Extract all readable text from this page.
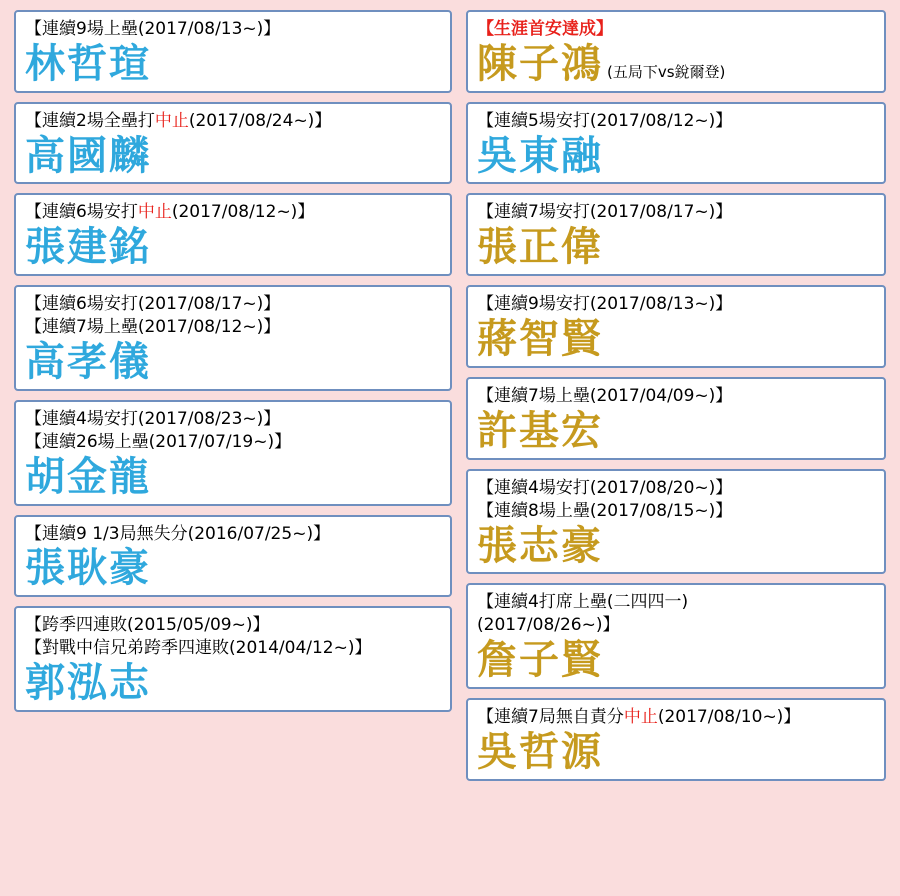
【連續9場上壘(2017/08/13~)】
林哲瑄
【連續2場全壘打中止(2017/08/24~)】
高國麟
【連續6場安打中止(2017/08/12~)】
張建銘
【連續6場安打(2017/08/17~)】
【連續7場上壘(2017/08/12~)】
高孝儀
【連續4場安打(2017/08/23~)】
【連續26場上壘(2017/07/19~)】
胡金龍
【連續9 1/3局無失分(2016/07/25~)】
張耿豪
【跨季四連敗(2015/05/09~)】
【對戰中信兄弟跨季四連敗(2014/04/12~)】
郭泓志
【生涯首安達成】
陳子鴻 (五局下vs銳爾登)
【連續5場安打(2017/08/12~)】
吳東融
【連續7場安打(2017/08/17~)】
張正偉
【連續9場安打(2017/08/13~)】
蔣智賢
【連續7場上壘(2017/04/09~)】
許基宏
【連續4場安打(2017/08/20~)】
【連續8場上壘(2017/08/15~)】
張志豪
【連續4打席上壘(二四四一)
(2017/08/26~)】
詹子賢
【連續7局無自責分中止(2017/08/10~)】
吳哲源
